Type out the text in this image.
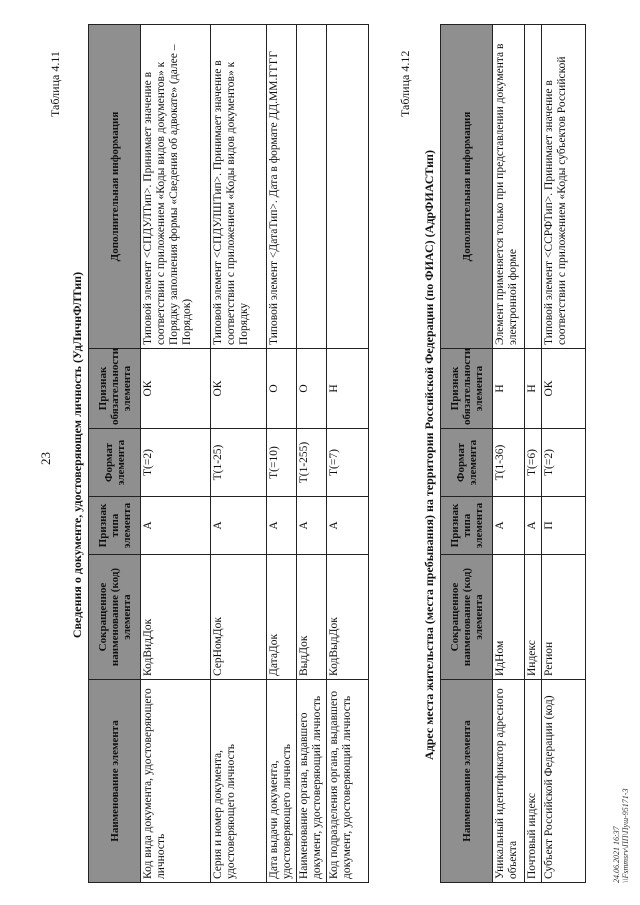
23
Таблица 4.11
Сведения о документе, удостоверяющем личность (УдЛичнФЛТип)
Наименование элемента	Сокращенное наименование (код) элемента	Признак типа элемента	Формат элемента	Признак обязательности элемента	Дополнительная информация
Код вида документа, удостоверяющего личность	КодВидДок	А	T(=2)	ОК	Типовой элемент <СПДУЛТип>. Принимает значение в соответствии с приложением «Коды видов документов» к Порядку заполнения формы «Сведения об адвокате» (далее – Порядок)
Серия и номер документа, удостоверяющего личность	СерНомДок	А	T(1-25)	ОК	Типовой элемент <СПДУЛШТип>. Принимает значение в соответствии с приложением «Коды видов документов» к Порядку
Дата выдачи документа, удостоверяющего личность	ДатаДок	А	T(=10)	О	Типовой элемент <ДатаТип>. Дата в формате ДД.ММ.ГГГГ
Наименование органа, выдавшего документ, удостоверяющий личность	ВыдДок	А	T(1-255)	О	
Код подразделения органа, выдавшего документ, удостоверяющий личность	КодВыдДок	А	T(=7)	Н	
Таблица 4.12
Адрес места жительства (места пребывания) на территории Российской Федерации (по ФИАС) (АдрФИАСТип)
Наименование элемента	Сокращенное наименование (код) элемента	Признак типа элемента	Формат элемента	Признак обязательности элемента	Дополнительная информация
Уникальный идентификатор адресного объекта	ИдНом	А	T(1-36)	Н	Элемент применяется только при представлении документа в электронной форме
Почтовый индекс	Индекс	А	T(=6)	Н	
Субъект Российской Федерации (код)	Регион	П	T(=2)	ОК	Типовой элемент <ССРФТип>. Принимает значение в соответствии с приложением «Коды субъектов Российской
24.06.2021 16:37 \\Fsmmsrv\ПП\Пуш-95171-3
